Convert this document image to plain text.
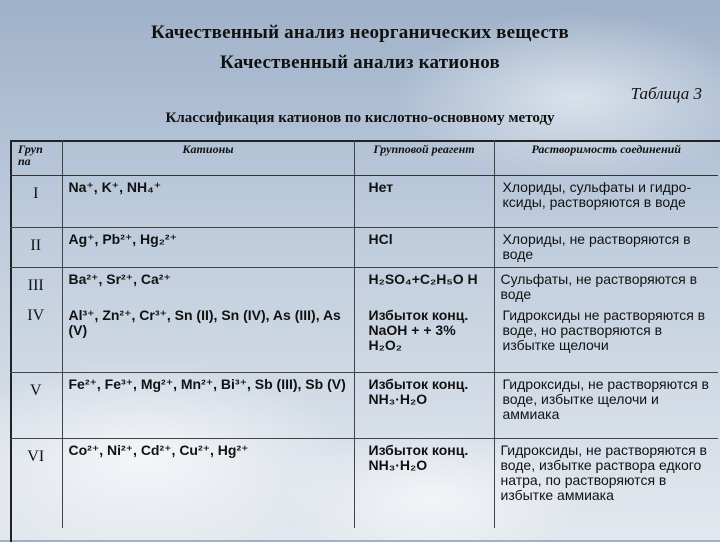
Качественный анализ неорганических веществ
Качественный анализ катионов
Таблица 3
Классификация катионов по кислотно-основному методу
Груп па	Катионы	Групповой реагент	Растворимость соединений
I	Na⁺, K⁺, NH₄⁺	Нет	Хлориды, сульфаты и гидро-ксиды, растворяются в воде
II	Ag⁺, Pb²⁺, Hg₂²⁺	HCl	Хлориды, не растворяются в воде
III	Ba²⁺, Sr²⁺, Ca²⁺	H₂SO₄+C₂H₅O H	Сульфаты, не растворяются в воде
IV	Al³⁺, Zn²⁺, Cr³⁺, Sn (II), Sn (IV), As (III), As (V)	Избыток конц. NaOH + + 3% H₂O₂	Гидроксиды не растворяются в воде, но растворяются в избытке щелочи
V	Fe²⁺, Fe³⁺, Mg²⁺, Mn²⁺, Bi³⁺, Sb (III), Sb (V)	Избыток конц. NH₃·H₂O	Гидроксиды, не растворяются в воде, избытке щелочи и аммиака
VI	Co²⁺, Ni²⁺, Cd²⁺, Cu²⁺, Hg²⁺	Избыток конц. NH₃·H₂O	Гидроксиды, не растворяются в воде, избытке раствора едкого натра, по растворяются в избытке аммиака
